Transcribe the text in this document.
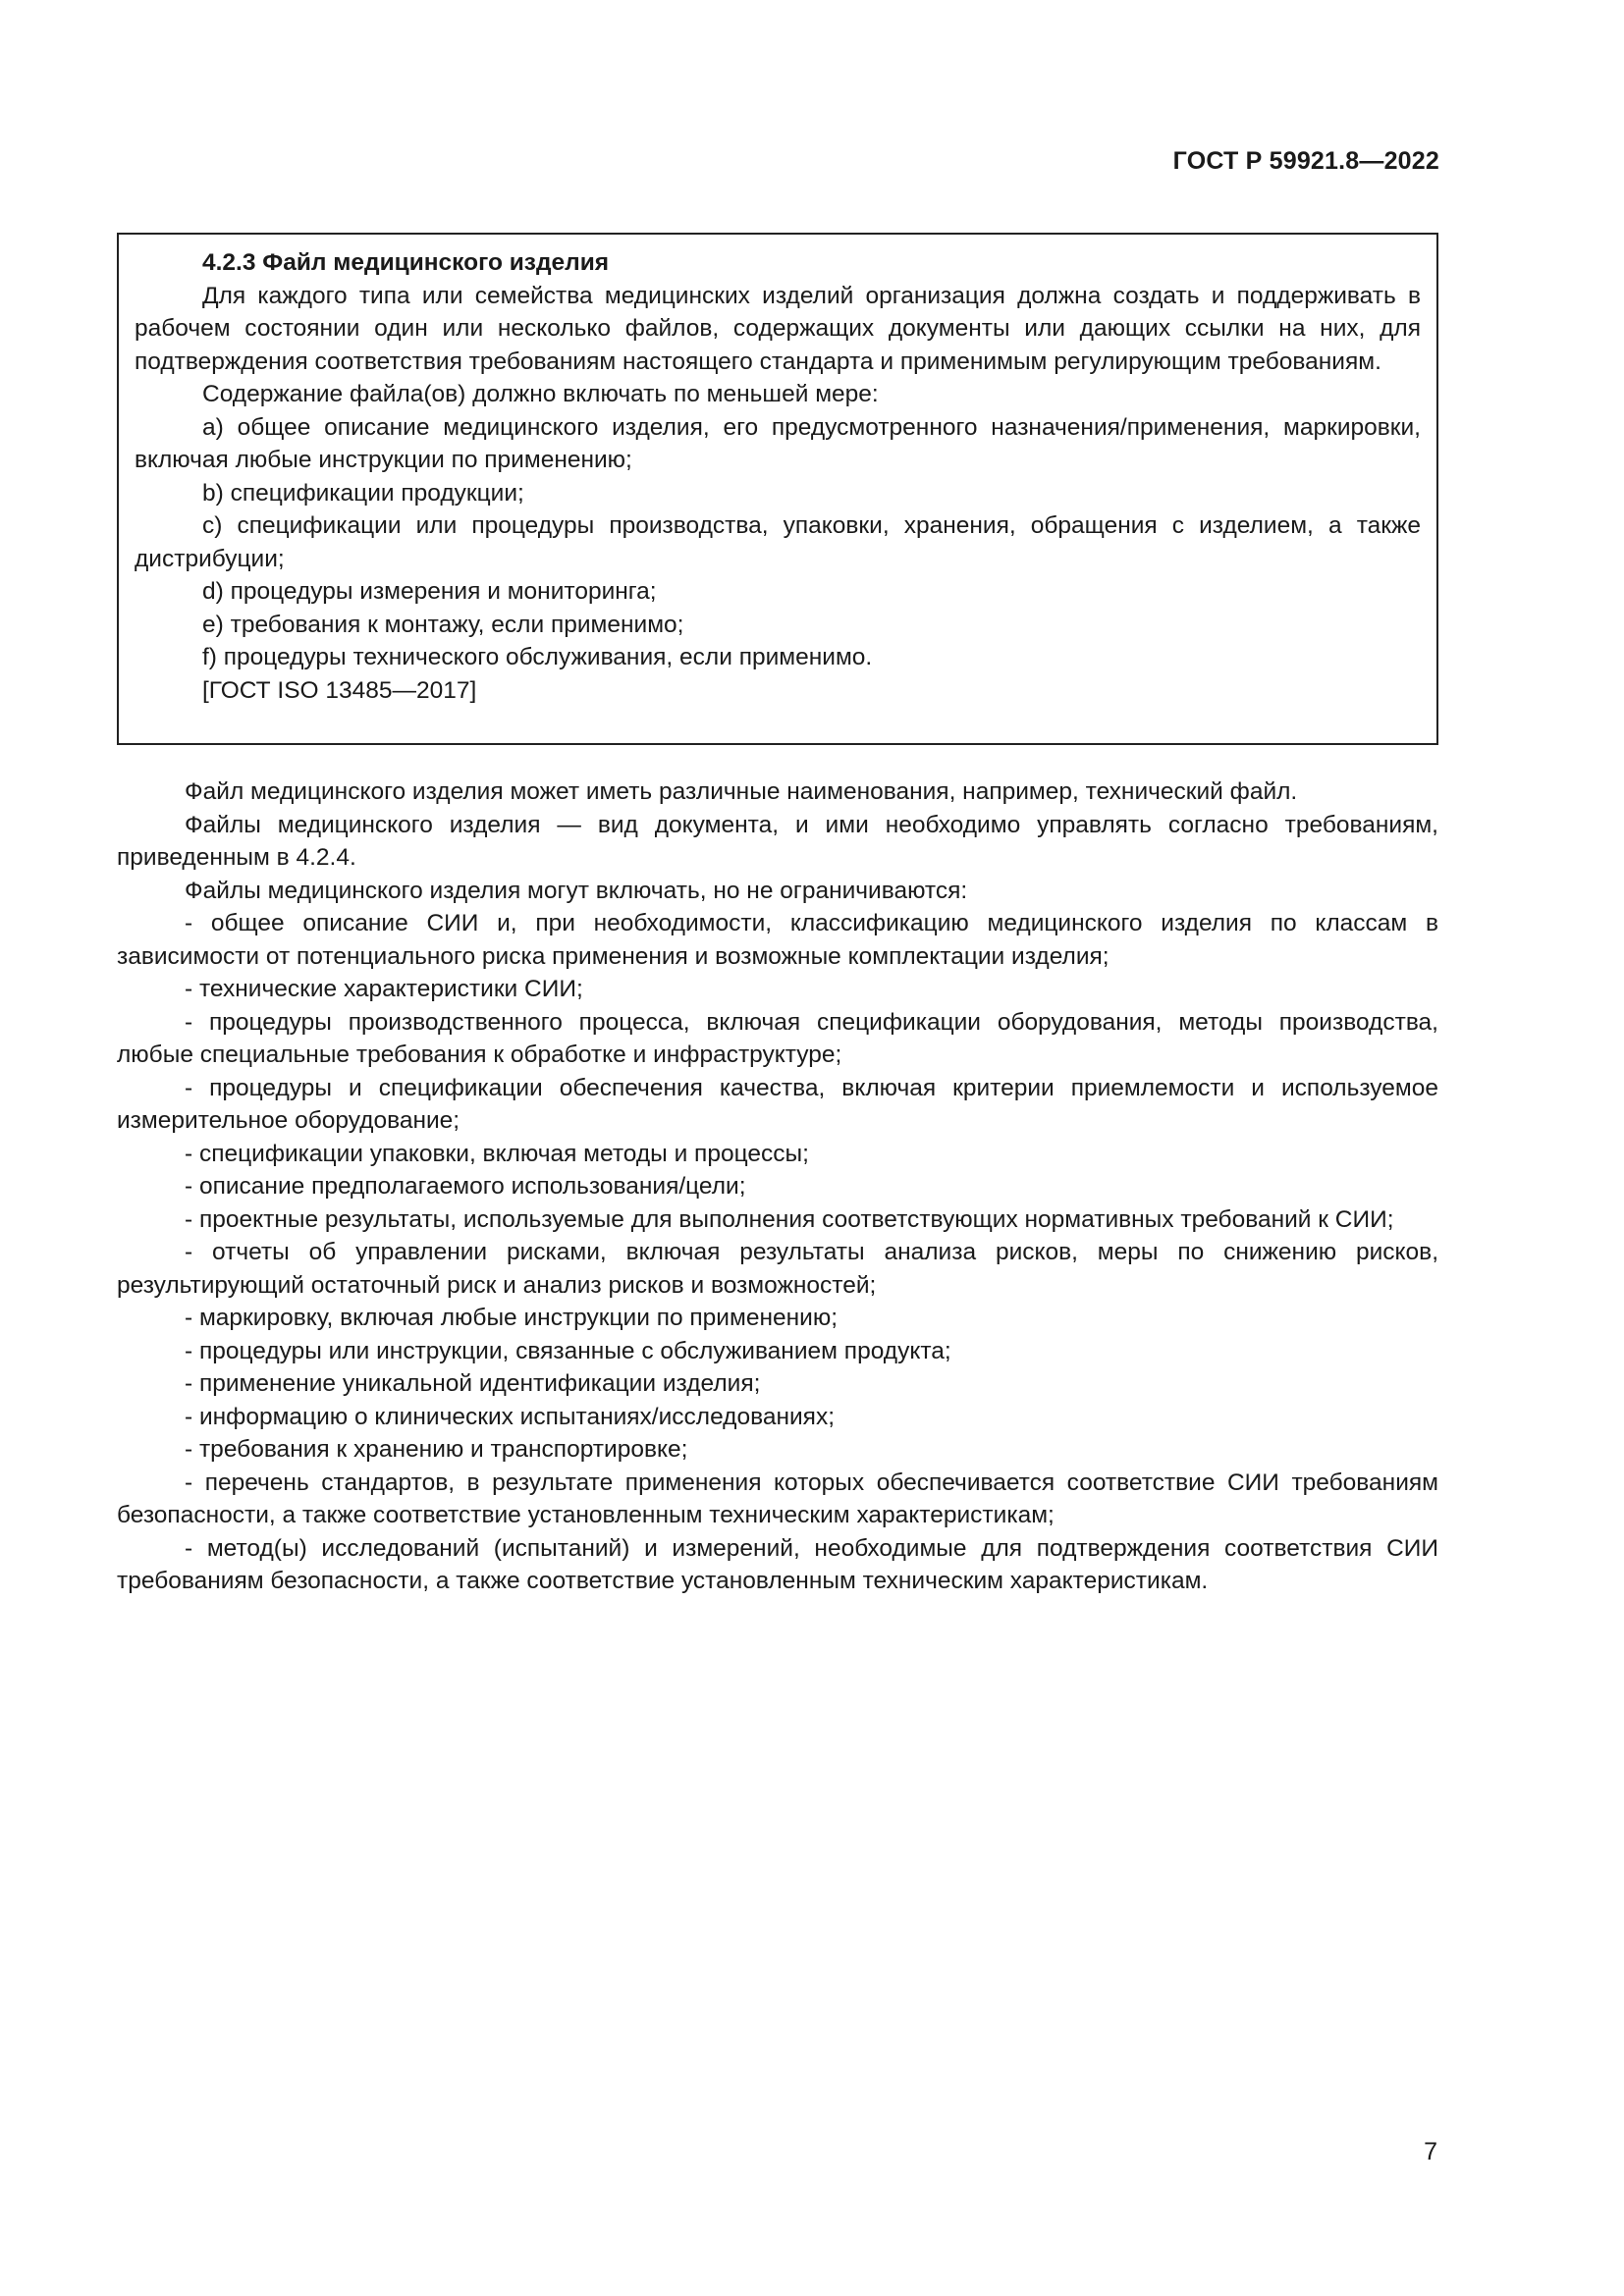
ГОСТ Р 59921.8—2022

4.2.3 Файл медицинского изделия

Для каждого типа или семейства медицинских изделий организация должна создать и поддерживать в рабочем состоянии один или несколько файлов, содержащих документы или дающих ссылки на них, для подтверждения соответствия требованиям настоящего стандарта и применимым регулирующим требованиям.

Содержание файла(ов) должно включать по меньшей мере:

a) общее описание медицинского изделия, его предусмотренного назначения/применения, маркировки, включая любые инструкции по применению;

b) спецификации продукции;

c) спецификации или процедуры производства, упаковки, хранения, обращения с изделием, а также дистрибуции;

d) процедуры измерения и мониторинга;

e) требования к монтажу, если применимо;

f) процедуры технического обслуживания, если применимо.

[ГОСТ ISO 13485—2017]

Файл медицинского изделия может иметь различные наименования, например, технический файл.

Файлы медицинского изделия — вид документа, и ими необходимо управлять согласно требованиям, приведенным в 4.2.4.

Файлы медицинского изделия могут включать, но не ограничиваются:

- общее описание СИИ и, при необходимости, классификацию медицинского изделия по классам в зависимости от потенциального риска применения и возможные комплектации изделия;

- технические характеристики СИИ;

- процедуры производственного процесса, включая спецификации оборудования, методы производства, любые специальные требования к обработке и инфраструктуре;

- процедуры и спецификации обеспечения качества, включая критерии приемлемости и используемое измерительное оборудование;

- спецификации упаковки, включая методы и процессы;

- описание предполагаемого использования/цели;

- проектные результаты, используемые для выполнения соответствующих нормативных требований к СИИ;

- отчеты об управлении рисками, включая результаты анализа рисков, меры по снижению рисков, результирующий остаточный риск и анализ рисков и возможностей;

- маркировку, включая любые инструкции по применению;

- процедуры или инструкции, связанные с обслуживанием продукта;

- применение уникальной идентификации изделия;

- информацию о клинических испытаниях/исследованиях;

- требования к хранению и транспортировке;

- перечень стандартов, в результате применения которых обеспечивается соответствие СИИ требованиям безопасности, а также соответствие установленным техническим характеристикам;

- метод(ы) исследований (испытаний) и измерений, необходимые для подтверждения соответствия СИИ требованиям безопасности, а также соответствие установленным техническим характеристикам.

7
